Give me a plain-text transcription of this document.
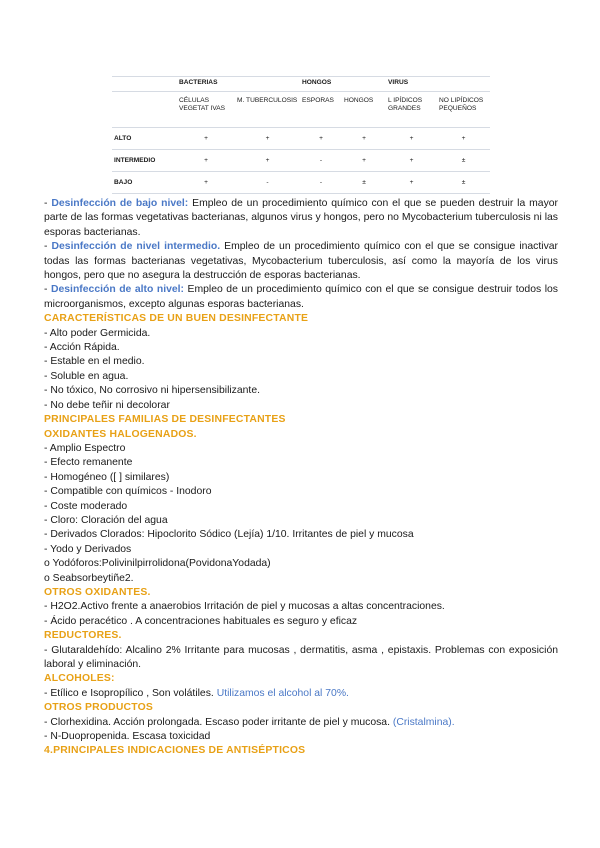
	BACTERIAS		HONGOS		VIRUS	
	CÉLULAS VEGETAT IVAS	M. TUBERCULOSIS	ESPORAS	HONGOS	L IPÍDICOS GRANDES	NO LIPÍDICOS PEQUEÑOS
ALTO	+	+	+	+	+	+
INTERMEDIO	+	+	-	+	+	±
BAJO	+	-	-	±	+	±

- Desinfección de bajo nivel: Empleo de un procedimiento químico con el que se pueden destruir la mayor parte de las formas vegetativas bacterianas, algunos virus y hongos, pero no Mycobacterium tuberculosis ni las esporas bacterianas.

- Desinfección de nivel intermedio. Empleo de un procedimiento químico con el que se consigue inactivar todas las formas bacterianas vegetativas, Mycobacterium tuberculosis, así como la mayoría de los virus hongos, pero que no asegura la destrucción de esporas bacterianas.

- Desinfección de alto nivel: Empleo de un procedimiento químico con el que se consigue destruir todos los microorganismos, excepto algunas esporas bacterianas.

CARACTERÍSTICAS DE UN BUEN DESINFECTANTE

- Alto poder Germicida.

- Acción Rápida.

- Estable en el medio.

- Soluble en agua.

- No tóxico, No corrosivo ni hipersensibilizante.

- No debe teñir ni decolorar

PRINCIPALES FAMILIAS DE DESINFECTANTES

OXIDANTES HALOGENADOS.

- Amplio Espectro

- Efecto remanente

- Homogéneo ([ ] similares)

- Compatible con químicos - Inodoro

- Coste moderado

- Cloro: Cloración del agua

- Derivados Clorados: Hipoclorito Sódico (Lejía) 1/10. Irritantes de piel y mucosa

- Yodo y Derivados

o Yodóforos:Polivinilpirrolidona(PovidonaYodada)

o Seabsorbeytiñe2.

OTROS OXIDANTES.

- H2O2.Activo frente a anaerobios Irritación de piel y mucosas a altas concentraciones.

- Ácido peracético . A concentraciones habituales es seguro y eficaz

REDUCTORES.

- Glutaraldehído: Alcalino 2% Irritante para mucosas , dermatitis, asma , epistaxis. Problemas con exposición laboral y eliminación.

ALCOHOLES:

- Etílico e Isopropílico , Son volátiles. Utilizamos el alcohol al 70%.

OTROS PRODUCTOS

- Clorhexidina. Acción prolongada. Escaso poder irritante de piel y mucosa. (Cristalmina).

- N-Duopropenida. Escasa toxicidad

4.PRINCIPALES INDICACIONES DE ANTISÉPTICOS
